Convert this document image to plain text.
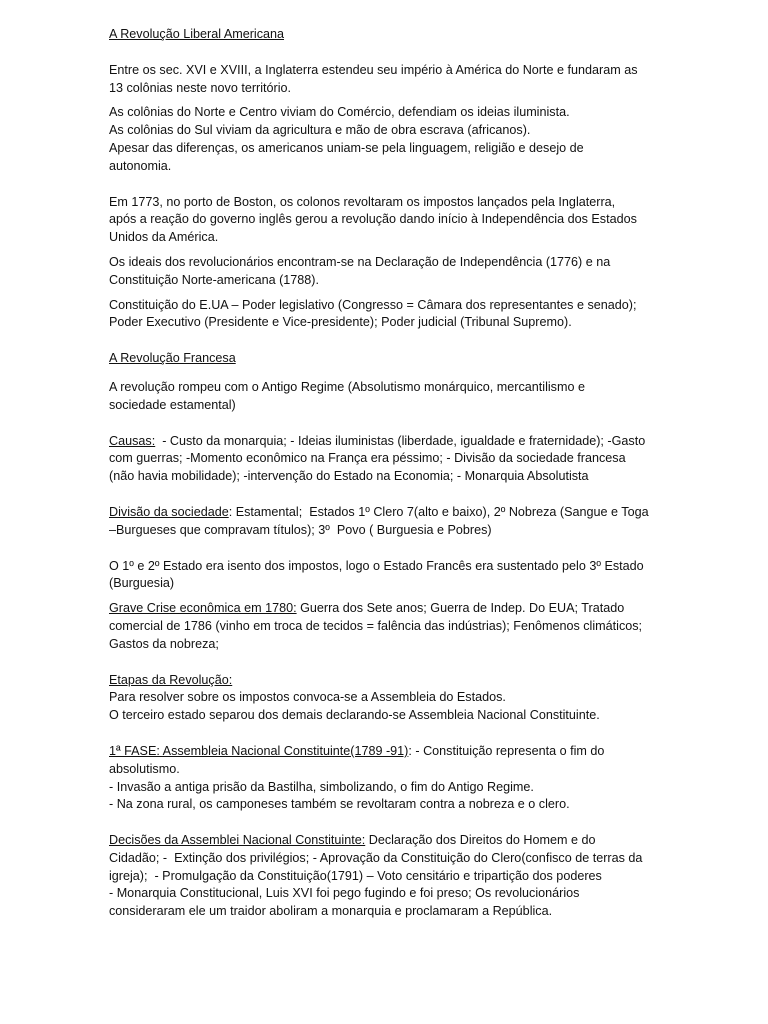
A Revolução Liberal Americana

Entre os sec. XVI e XVIII, a Inglaterra estendeu seu império à América do Norte e fundaram as
13 colônias neste novo território.

As colônias do Norte e Centro viviam do Comércio, defendiam os ideias iluminista.
As colônias do Sul viviam da agricultura e mão de obra escrava (africanos).
Apesar das diferenças, os americanos uniam-se pela linguagem, religião e desejo de
autonomia.

Em 1773, no porto de Boston, os colonos revoltaram os impostos lançados pela Inglaterra,
após a reação do governo inglês gerou a revolução dando início à Independência dos Estados
Unidos da América.

Os ideais dos revolucionários encontram-se na Declaração de Independência (1776) e na
Constituição Norte-americana (1788).

Constituição do E.UA – Poder legislativo (Congresso = Câmara dos representantes e senado);
Poder Executivo (Presidente e Vice-presidente); Poder judicial (Tribunal Supremo).

A Revolução Francesa

A revolução rompeu com o Antigo Regime (Absolutismo monárquico, mercantilismo e
sociedade estamental)

Causas:  - Custo da monarquia; - Ideias iluministas (liberdade, igualdade e fraternidade); -Gasto
com guerras; -Momento econômico na França era péssimo; - Divisão da sociedade francesa
(não havia mobilidade); -intervenção do Estado na Economia; - Monarquia Absolutista

Divisão da sociedade: Estamental;  Estados 1º Clero 7(alto e baixo), 2º Nobreza (Sangue e Toga
–Burgueses que compravam títulos); 3º  Povo ( Burguesia e Pobres)

O 1º e 2º Estado era isento dos impostos, logo o Estado Francês era sustentado pelo 3º Estado
(Burguesia)

Grave Crise econômica em 1780: Guerra dos Sete anos; Guerra de Indep. Do EUA; Tratado
comercial de 1786 (vinho em troca de tecidos = falência das indústrias); Fenômenos climáticos;
Gastos da nobreza;

Etapas da Revolução:
Para resolver sobre os impostos convoca-se a Assembleia do Estados.
O terceiro estado separou dos demais declarando-se Assembleia Nacional Constituinte.

1ª FASE: Assembleia Nacional Constituinte(1789 -91): - Constituição representa o fim do
absolutismo.
- Invasão a antiga prisão da Bastilha, simbolizando, o fim do Antigo Regime.
- Na zona rural, os camponeses também se revoltaram contra a nobreza e o clero.

Decisões da Assemblei Nacional Constituinte: Declaração dos Direitos do Homem e do
Cidadão; -  Extinção dos privilégios; - Aprovação da Constituição do Clero(confisco de terras da
igreja);  - Promulgação da Constituição(1791) – Voto censitário e tripartição dos poderes
- Monarquia Constitucional, Luis XVI foi pego fugindo e foi preso; Os revolucionários
consideraram ele um traidor aboliram a monarquia e proclamaram a República.
